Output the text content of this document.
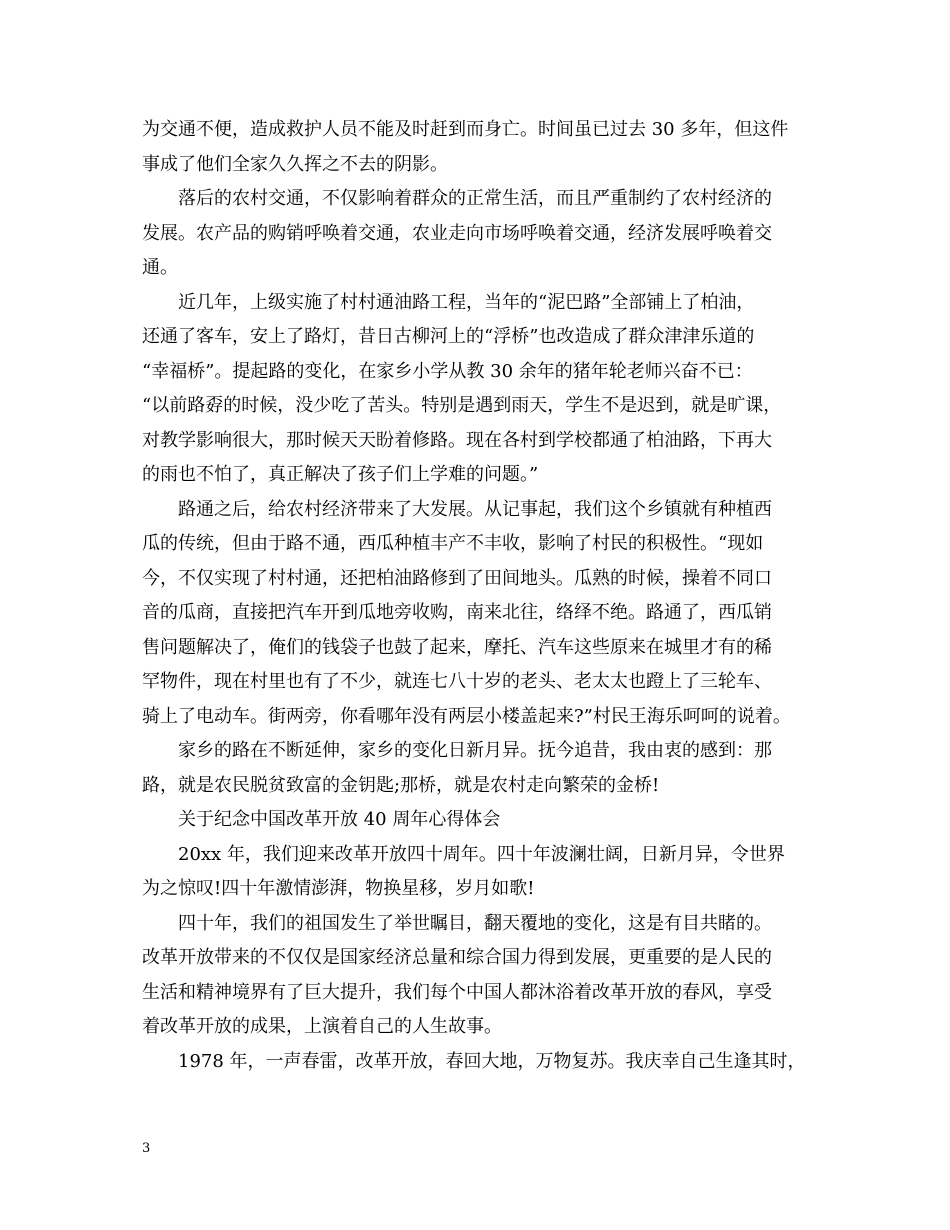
为交通不便，造成救护人员不能及时赶到而身亡。时间虽已过去 30 多年，但这件
事成了他们全家久久挥之不去的阴影。
落后的农村交通，不仅影响着群众的正常生活，而且严重制约了农村经济的
发展。农产品的购销呼唤着交通，农业走向市场呼唤着交通，经济发展呼唤着交
通。
近几年，上级实施了村村通油路工程，当年的“泥巴路”全部铺上了柏油，
还通了客车，安上了路灯，昔日古柳河上的“浮桥”也改造成了群众津津乐道的
“幸福桥”。提起路的变化，在家乡小学从教 30 余年的猪年轮老师兴奋不已：
“以前路孬的时候，没少吃了苦头。特别是遇到雨天，学生不是迟到，就是旷课，
对教学影响很大，那时候天天盼着修路。现在各村到学校都通了柏油路，下再大
的雨也不怕了，真正解决了孩子们上学难的问题。”
路通之后，给农村经济带来了大发展。从记事起，我们这个乡镇就有种植西
瓜的传统，但由于路不通，西瓜种植丰产不丰收，影响了村民的积极性。“现如
今，不仅实现了村村通，还把柏油路修到了田间地头。瓜熟的时候，操着不同口
音的瓜商，直接把汽车开到瓜地旁收购，南来北往，络绎不绝。路通了，西瓜销
售问题解决了，俺们的钱袋子也鼓了起来，摩托、汽车这些原来在城里才有的稀
罕物件，现在村里也有了不少，就连七八十岁的老头、老太太也蹬上了三轮车、
骑上了电动车。街两旁，你看哪年没有两层小楼盖起来?”村民王海乐呵呵的说着。
家乡的路在不断延伸，家乡的变化日新月异。抚今追昔，我由衷的感到：那
路，就是农民脱贫致富的金钥匙;那桥，就是农村走向繁荣的金桥!
关于纪念中国改革开放 40 周年心得体会
20xx 年，我们迎来改革开放四十周年。四十年波澜壮阔，日新月异，令世界
为之惊叹!四十年激情澎湃，物换星移，岁月如歌!
四十年，我们的祖国发生了举世瞩目，翻天覆地的变化，这是有目共睹的。
改革开放带来的不仅仅是国家经济总量和综合国力得到发展，更重要的是人民的
生活和精神境界有了巨大提升，我们每个中国人都沐浴着改革开放的春风，享受
着改革开放的成果，上演着自己的人生故事。
1978 年，一声春雷，改革开放，春回大地，万物复苏。我庆幸自己生逢其时，
3
